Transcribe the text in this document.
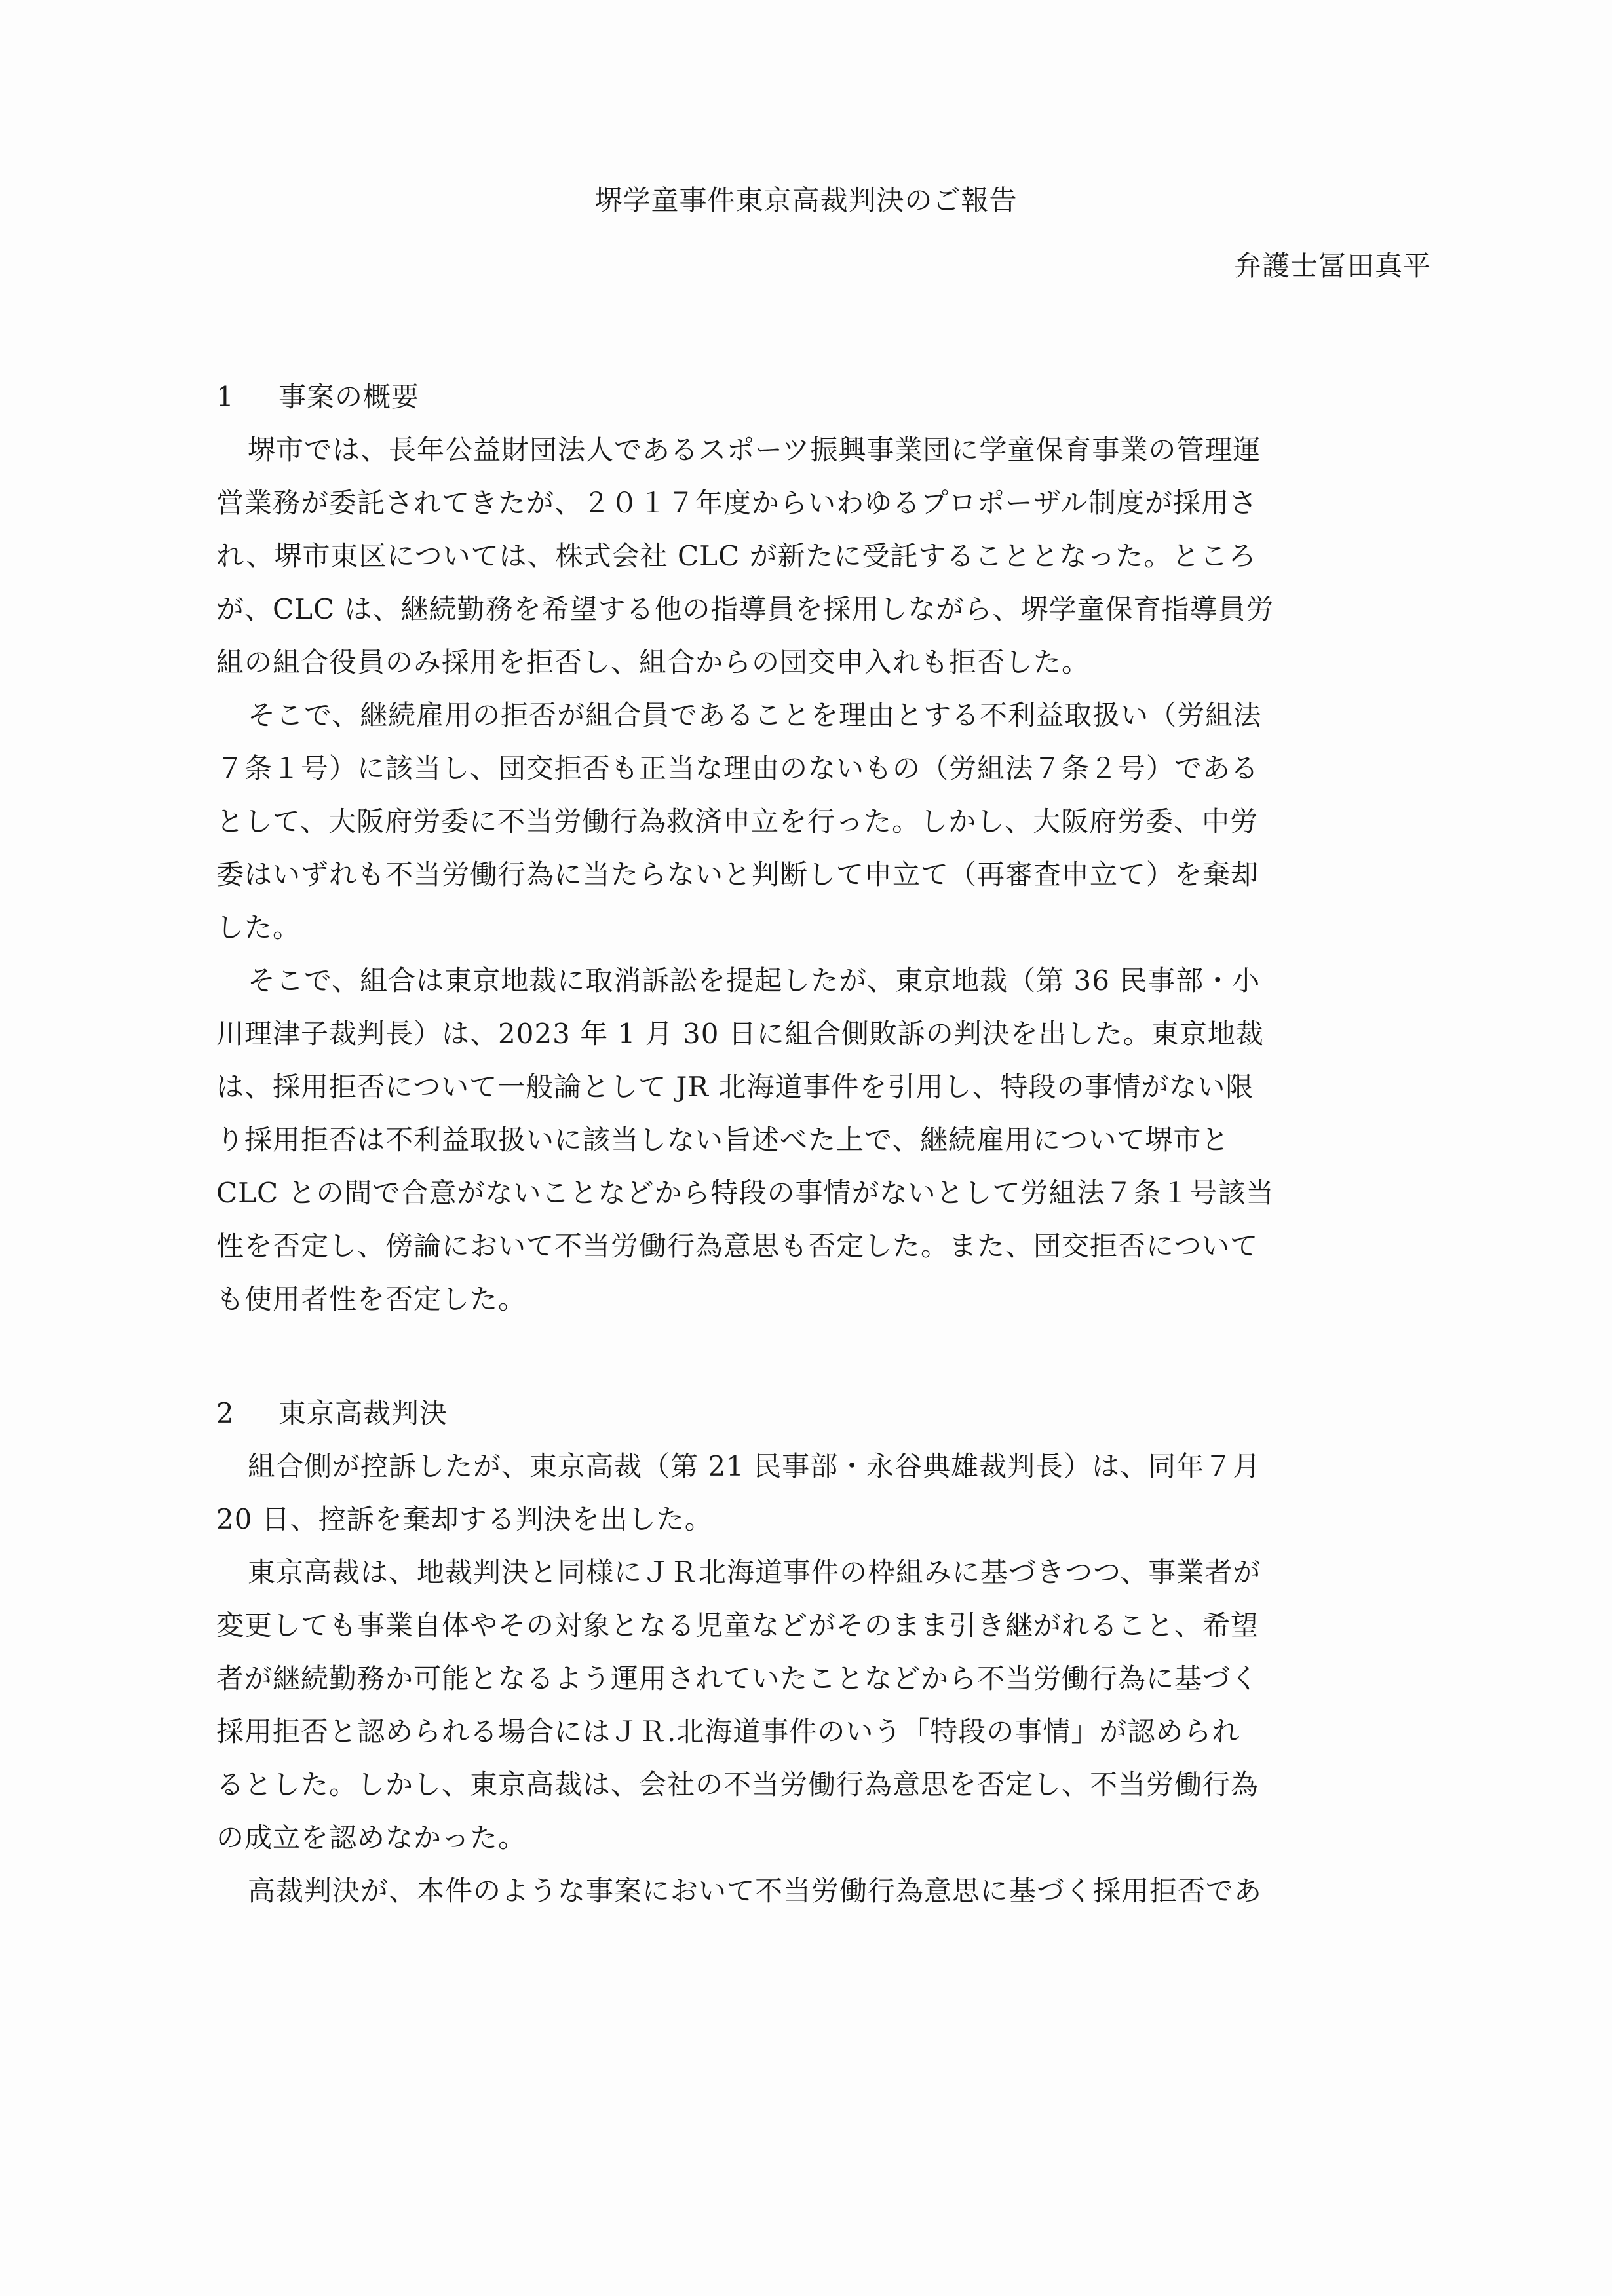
堺学童事件東京高裁判決のご報告
弁護士冨田真平
1 事案の概要
堺市では、長年公益財団法人であるスポーツ振興事業団に学童保育事業の管理運
営業務が委託されてきたが、２０１７年度からいわゆるプロポーザル制度が採用さ
れ、堺市東区については、株式会社 CLC が新たに受託することとなった。ところ
が、CLC は、継続勤務を希望する他の指導員を採用しながら、堺学童保育指導員労
組の組合役員のみ採用を拒否し、組合からの団交申入れも拒否した。
そこで、継続雇用の拒否が組合員であることを理由とする不利益取扱い（労組法
７条１号）に該当し、団交拒否も正当な理由のないもの（労組法７条２号）である
として、大阪府労委に不当労働行為救済申立を行った。しかし、大阪府労委、中労
委はいずれも不当労働行為に当たらないと判断して申立て（再審査申立て）を棄却
した。
そこで、組合は東京地裁に取消訴訟を提起したが、東京地裁（第 36 民事部・小
川理津子裁判長）は、2023 年 1 月 30 日に組合側敗訴の判決を出した。東京地裁
は、採用拒否について一般論として JR 北海道事件を引用し、特段の事情がない限
り採用拒否は不利益取扱いに該当しない旨述べた上で、継続雇用について堺市と
CLC との間で合意がないことなどから特段の事情がないとして労組法７条１号該当
性を否定し、傍論において不当労働行為意思も否定した。また、団交拒否について
も使用者性を否定した。
2 東京高裁判決
組合側が控訴したが、東京高裁（第 21 民事部・永谷典雄裁判長）は、同年７月
20 日、控訴を棄却する判決を出した。
東京高裁は、地裁判決と同様にＪＲ北海道事件の枠組みに基づきつつ、事業者が
変更しても事業自体やその対象となる児童などがそのまま引き継がれること、希望
者が継続勤務か可能となるよう運用されていたことなどから不当労働行為に基づく
採用拒否と認められる場合にはＪＲ.北海道事件のいう「特段の事情」が認められ
るとした。しかし、東京高裁は、会社の不当労働行為意思を否定し、不当労働行為
の成立を認めなかった。
高裁判決が、本件のような事案において不当労働行為意思に基づく採用拒否であ
